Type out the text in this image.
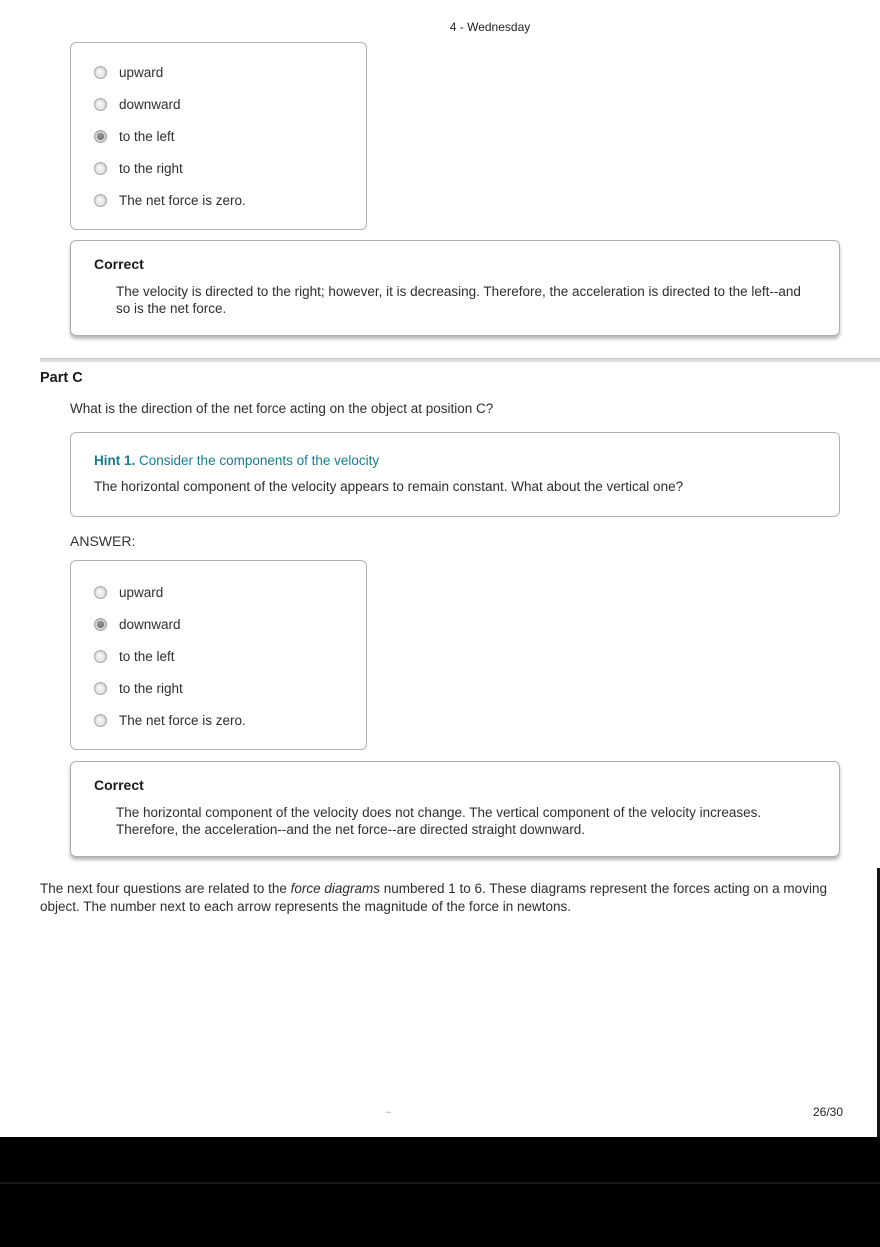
4 - Wednesday
upward
downward
to the left
to the right
The net force is zero.
Correct
The velocity is directed to the right; however, it is decreasing. Therefore, the acceleration is directed to the left--and so is the net force.
Part C
What is the direction of the net force acting on the object at position C?
Hint 1. Consider the components of the velocity
The horizontal component of the velocity appears to remain constant. What about the vertical one?
ANSWER:
upward
downward
to the left
to the right
The net force is zero.
Correct
The horizontal component of the velocity does not change. The vertical component of the velocity increases. Therefore, the acceleration--and the net force--are directed straight downward.
The next four questions are related to the force diagrams numbered 1 to 6. These diagrams represent the forces acting on a moving object. The number next to each arrow represents the magnitude of the force in newtons.
~	26/30
